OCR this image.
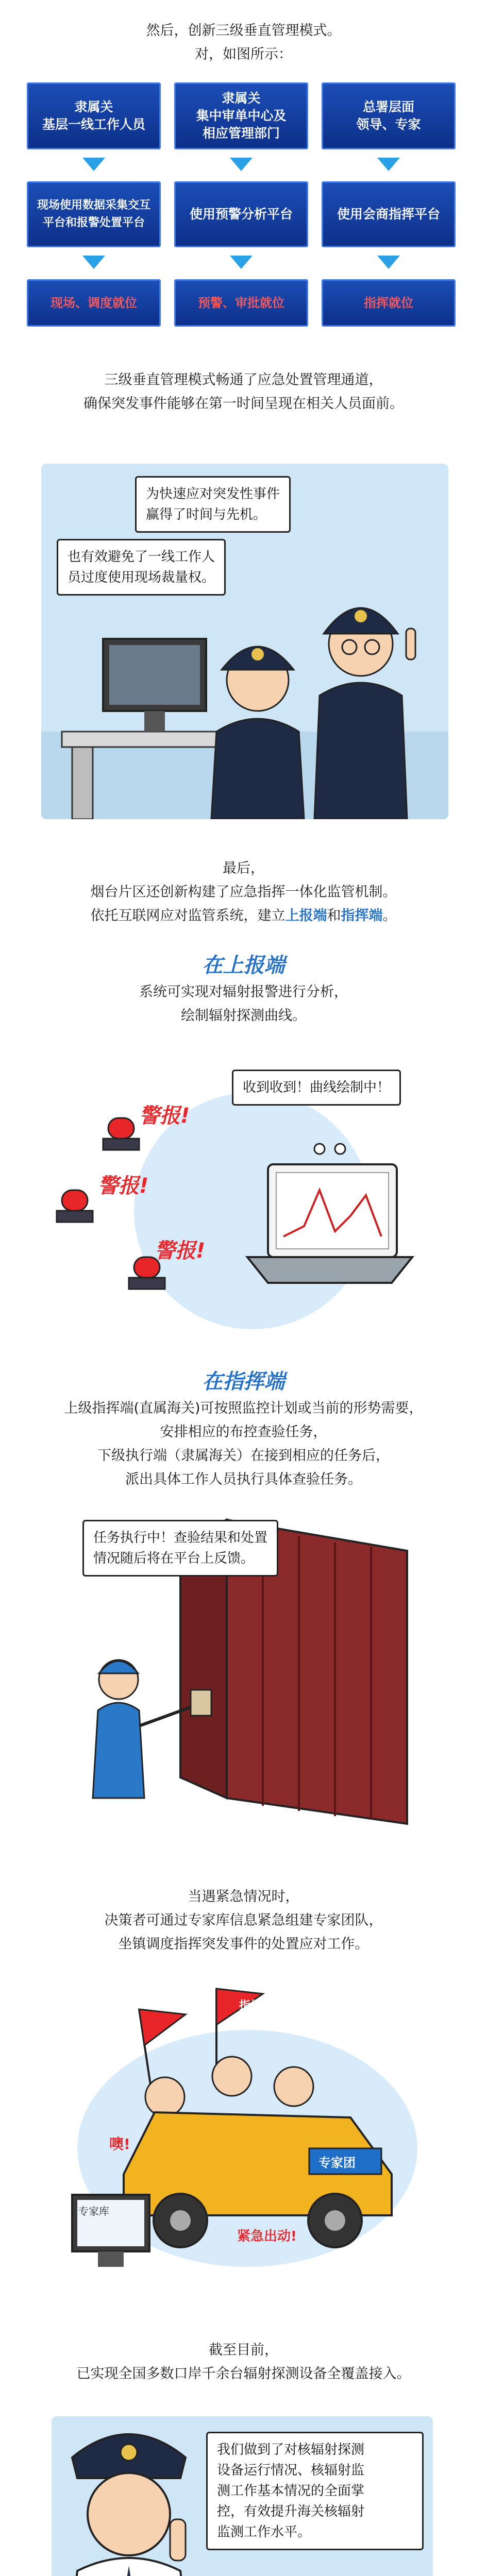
然后，创新三级垂直管理模式。
对，如图所示：
隶属关
基层一线工作人员
隶属关
集中审单中心及
相应管理部门
总署层面
领导、专家
现场使用数据采集交互
平台和报警处置平台
使用预警分析平台	使用会商指挥平台
现场、调度就位	预警、审批就位	指挥就位
三级垂直管理模式畅通了应急处置管理通道，
确保突发事件能够在第一时间呈现在相关人员面前。
为快速应对突发性事件
赢得了时间与先机。
也有效避免了一线工作人
员过度使用现场裁量权。
最后，
烟台片区还创新构建了应急指挥一体化监管机制。
依托互联网应对监管系统，建立上报端和指挥端。
在上报端
系统可实现对辐射报警进行分析，
绘制辐射探测曲线。
警报!
警报!
警报!
收到收到！曲线绘制中！
在指挥端
上级指挥端(直属海关)可按照监控计划或当前的形势需要，
安排相应的布控查验任务，
下级执行端（隶属海关）在接到相应的任务后，
派出具体工作人员执行具体查验任务。
任务执行中！查验结果和处置
情况随后将在平台上反馈。
当遇紧急情况时，
决策者可通过专家库信息紧急组建专家团队，
坐镇调度指挥突发事件的处置应对工作。
调度	指挥
专家团
专家库
噢!
紧急出动!
截至目前，
已实现全国多数口岸千余台辐射探测设备全覆盖接入。
我们做到了对核辐射探测
设备运行情况、核辐射监
测工作基本情况的全面掌
控，有效提升海关核辐射
监测工作水平。
